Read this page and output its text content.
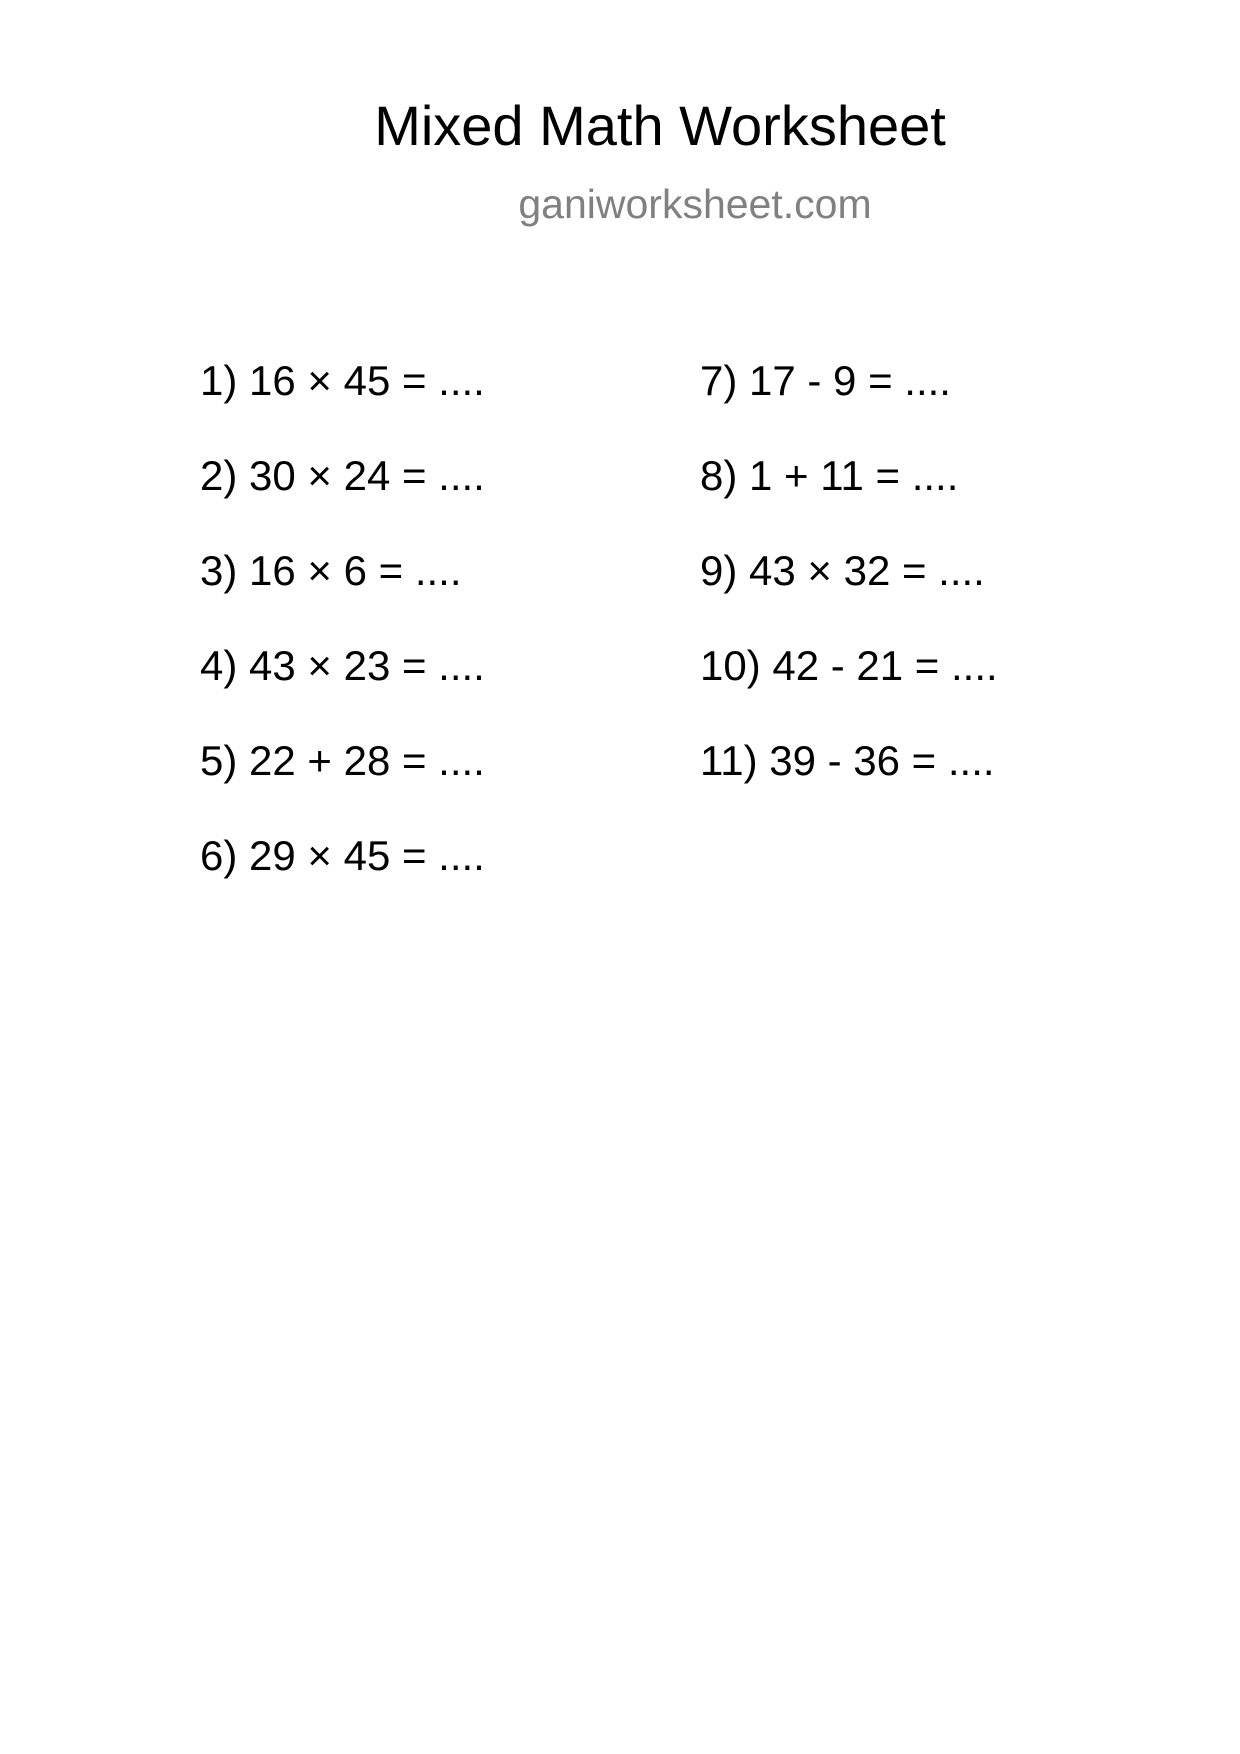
Mixed Math Worksheet
ganiworksheet.com
1) 16 × 45 = ....
2) 30 × 24 = ....
3) 16 × 6 = ....
4) 43 × 23 = ....
5) 22 + 28 = ....
6) 29 × 45 = ....
7) 17 - 9 = ....
8) 1 + 11 = ....
9) 43 × 32 = ....
10) 42 - 21 = ....
11) 39 - 36 = ....
